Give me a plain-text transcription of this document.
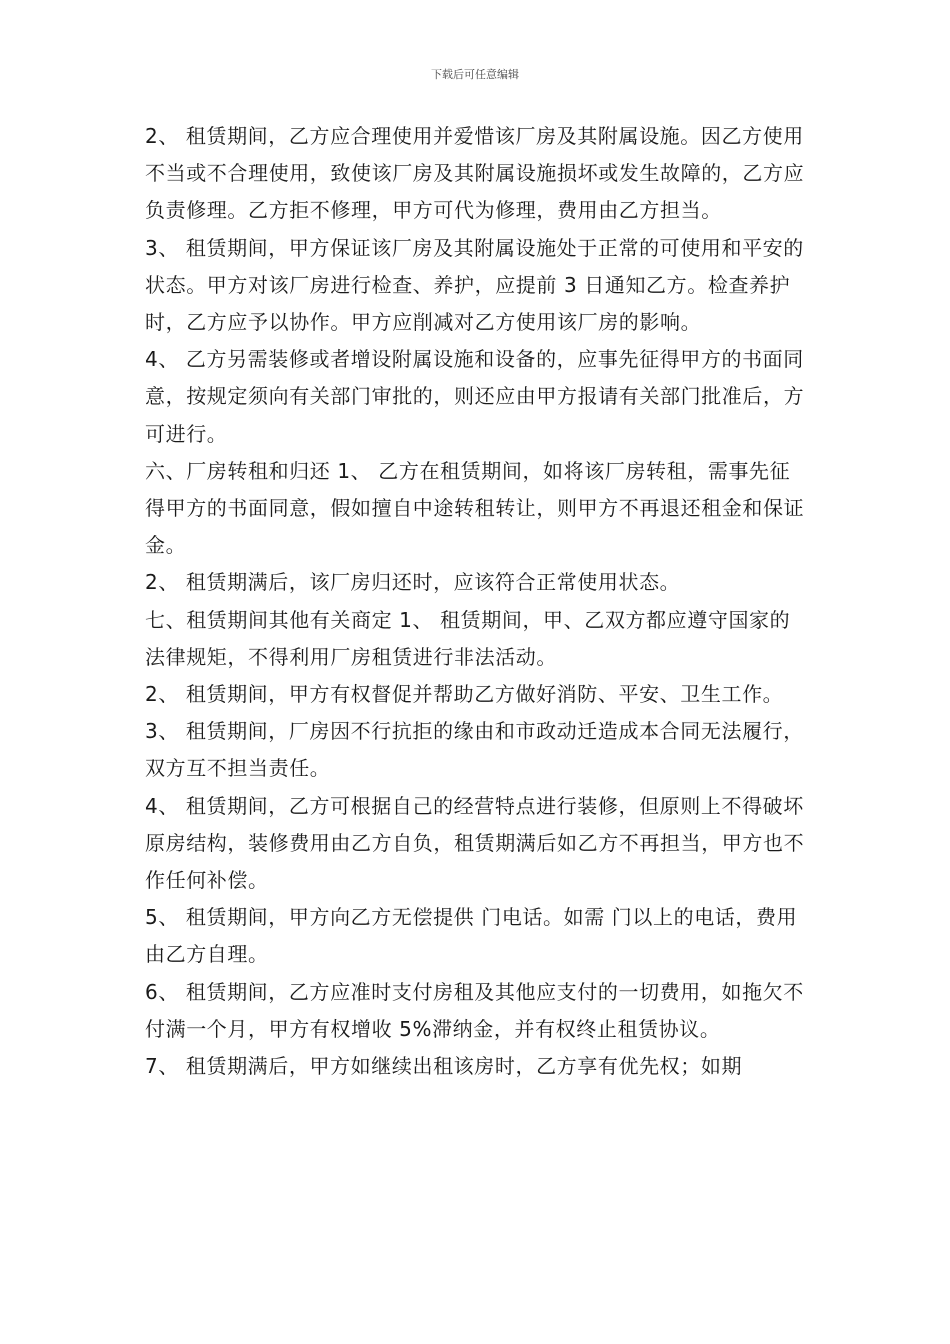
下载后可任意编辑

2、 租赁期间，乙方应合理使用并爱惜该厂房及其附属设施。因乙方使用不当或不合理使用，致使该厂房及其附属设施损坏或发生故障的，乙方应负责修理。乙方拒不修理，甲方可代为修理，费用由乙方担当。

3、 租赁期间，甲方保证该厂房及其附属设施处于正常的可使用和平安的状态。甲方对该厂房进行检查、养护，应提前 3 日通知乙方。检查养护时，乙方应予以协作。甲方应削减对乙方使用该厂房的影响。

4、 乙方另需装修或者增设附属设施和设备的，应事先征得甲方的书面同意，按规定须向有关部门审批的，则还应由甲方报请有关部门批准后，方可进行。

六、厂房转租和归还 1、 乙方在租赁期间，如将该厂房转租，需事先征得甲方的书面同意，假如擅自中途转租转让，则甲方不再退还租金和保证金。

2、 租赁期满后，该厂房归还时，应该符合正常使用状态。

七、租赁期间其他有关商定 1、 租赁期间，甲、乙双方都应遵守国家的法律规矩，不得利用厂房租赁进行非法活动。

2、 租赁期间，甲方有权督促并帮助乙方做好消防、平安、卫生工作。

3、 租赁期间，厂房因不行抗拒的缘由和市政动迁造成本合同无法履行，双方互不担当责任。

4、 租赁期间，乙方可根据自己的经营特点进行装修，但原则上不得破坏原房结构，装修费用由乙方自负，租赁期满后如乙方不再担当，甲方也不作任何补偿。

5、 租赁期间，甲方向乙方无偿提供 门电话。如需 门以上的电话，费用由乙方自理。

6、 租赁期间，乙方应准时支付房租及其他应支付的一切费用，如拖欠不付满一个月，甲方有权增收 5%滞纳金，并有权终止租赁协议。

7、 租赁期满后，甲方如继续出租该房时，乙方享有优先权；如期
